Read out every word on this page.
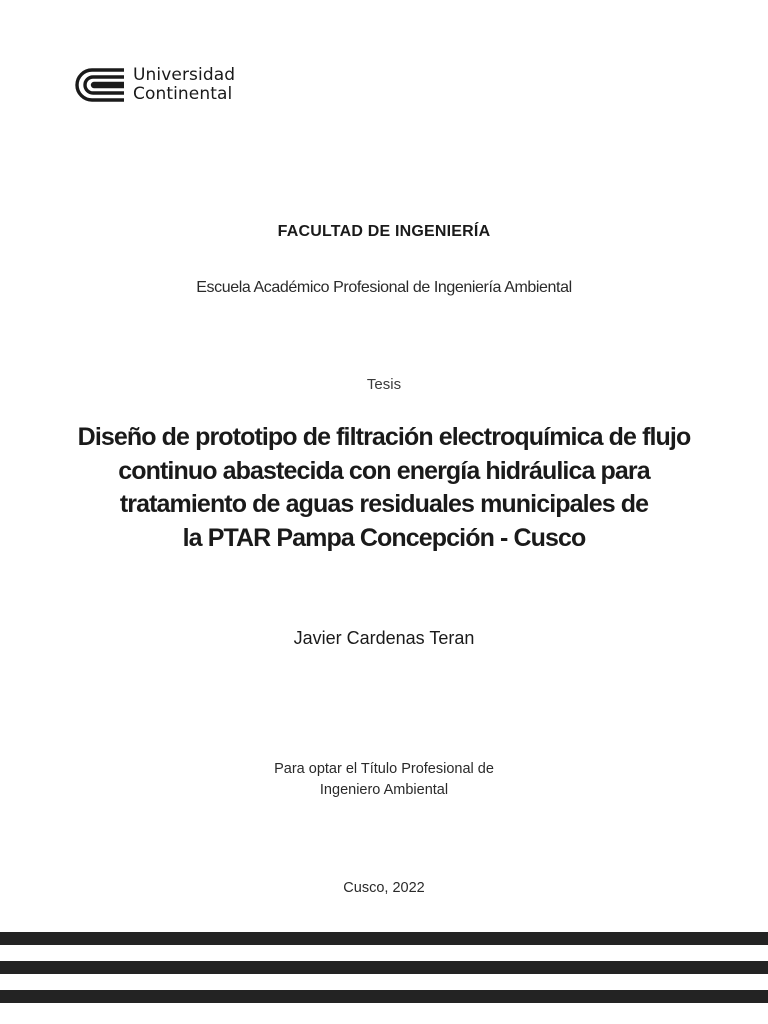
Universidad
Continental
FACULTAD DE INGENIERÍA
Escuela Académico Profesional de Ingeniería Ambiental
Tesis
Diseño de prototipo de filtración electroquímica de flujo
continuo abastecida con energía hidráulica para
tratamiento de aguas residuales municipales de
la PTAR Pampa Concepción - Cusco
Javier Cardenas Teran
Para optar el Título Profesional de
Ingeniero Ambiental
Cusco, 2022
